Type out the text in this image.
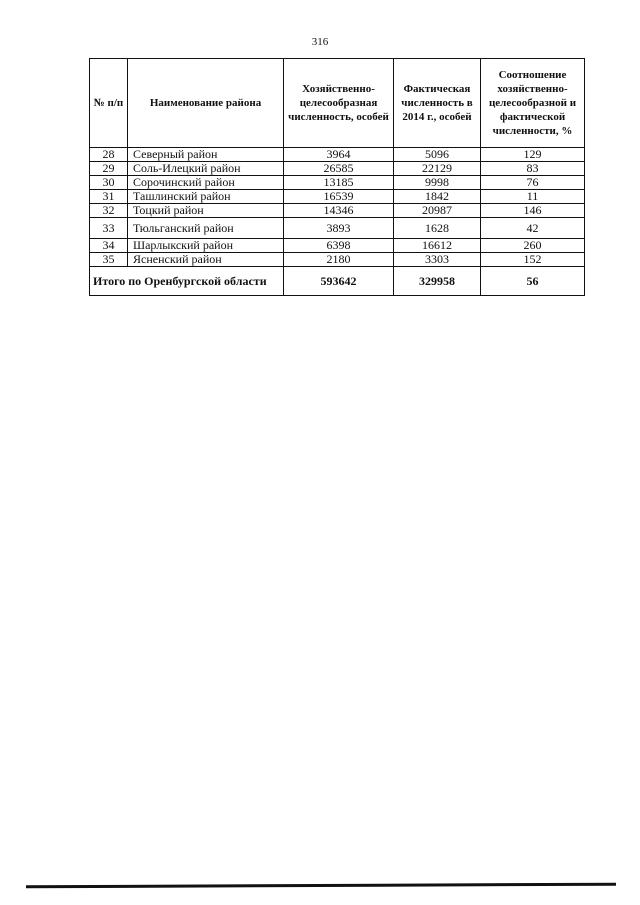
316
№ п/п	Наименование района	Хозяйственно-целесообразная численность, особей	Фактическая численность в 2014 г., особей	Соотношение хозяйственно-целесообразной и фактической численности, %
28	Северный район	3964	5096	129
29	Соль-Илецкий район	26585	22129	83
30	Сорочинский район	13185	9998	76
31	Ташлинский район	16539	1842	11
32	Тоцкий район	14346	20987	146
33	Тюльганский район	3893	1628	42
34	Шарлыкский район	6398	16612	260
35	Ясненский район	2180	3303	152
Итого по Оренбургской области		593642	329958	56
